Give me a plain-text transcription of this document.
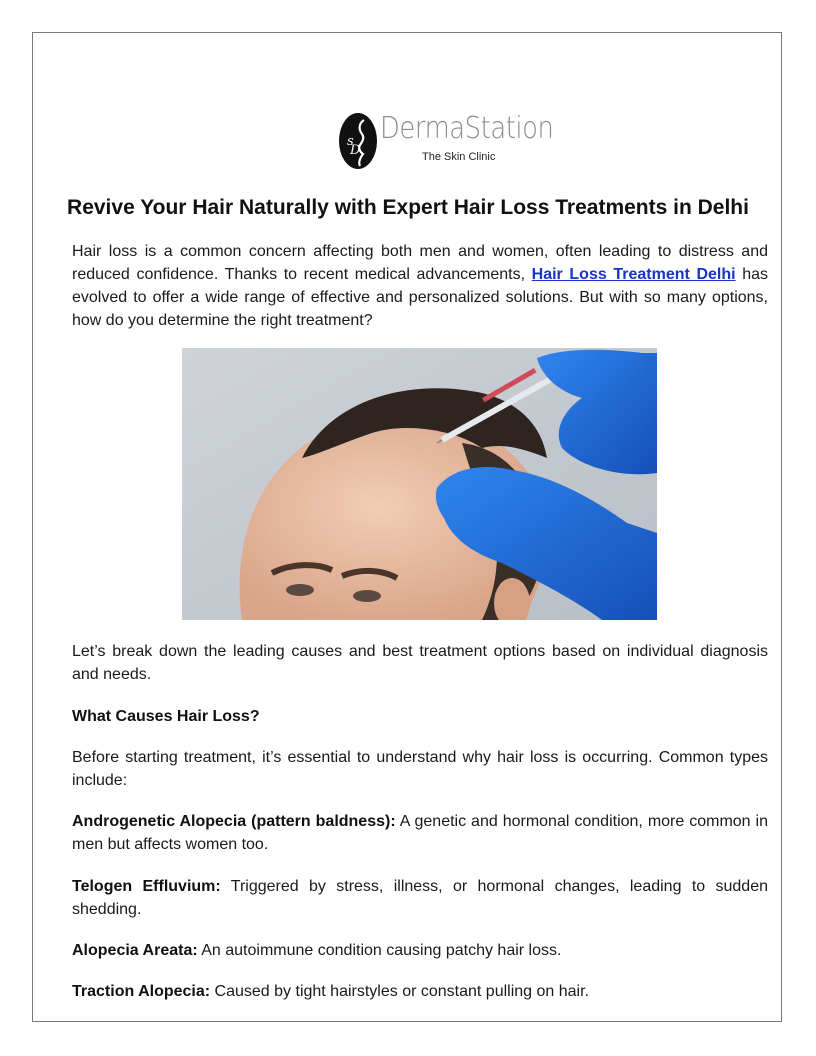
s
D
DermaStation
The Skin Clinic
Revive Your Hair Naturally with Expert Hair Loss Treatments in Delhi

Hair loss is a common concern affecting both men and women, often leading to distress and reduced confidence. Thanks to recent medical advancements, Hair Loss Treatment Delhi has evolved to offer a wide range of effective and personalized solutions. But with so many options, how do you determine the right treatment?

Let’s break down the leading causes and best treatment options based on individual diagnosis and needs.

What Causes Hair Loss?

Before starting treatment, it’s essential to understand why hair loss is occurring. Common types include:

Androgenetic Alopecia (pattern baldness): A genetic and hormonal condition, more common in men but affects women too.

Telogen Effluvium: Triggered by stress, illness, or hormonal changes, leading to sudden shedding.

Alopecia Areata: An autoimmune condition causing patchy hair loss.

Traction Alopecia: Caused by tight hairstyles or constant pulling on hair.
